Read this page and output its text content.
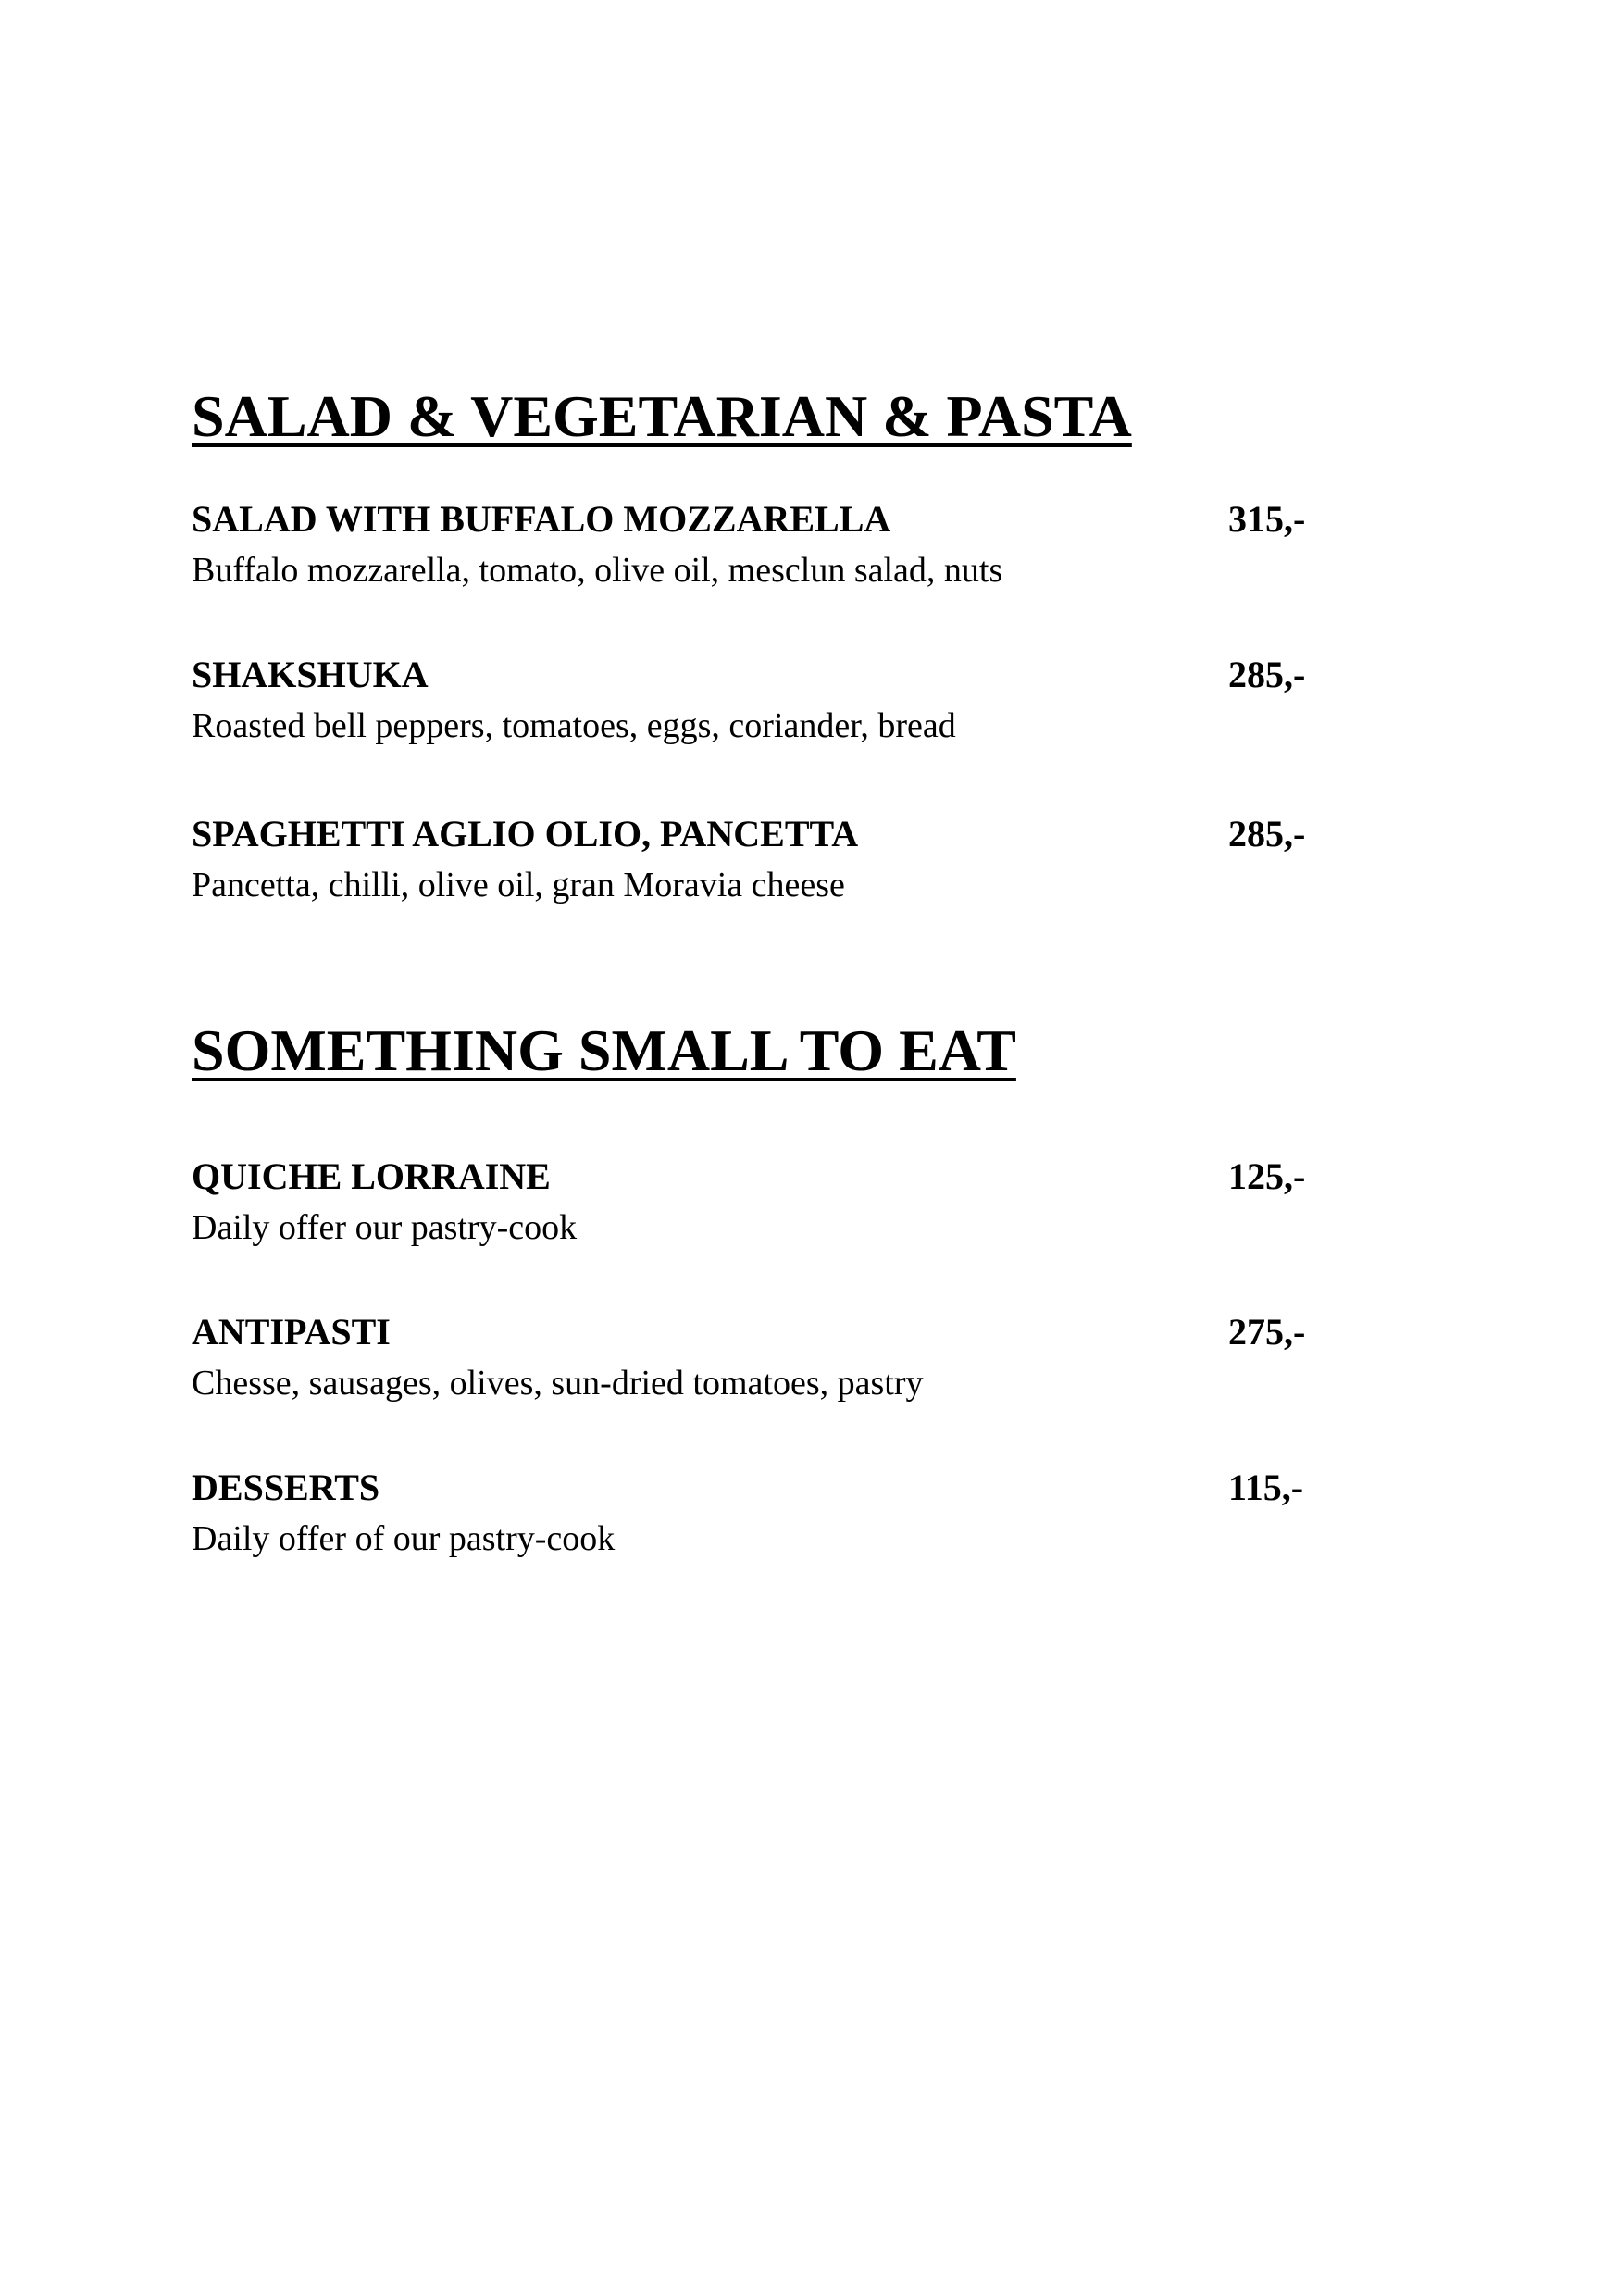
SALAD & VEGETARIAN & PASTA
SALAD WITH BUFFALO MOZZARELLA	315,-
Buffalo mozzarella, tomato, olive oil, mesclun salad, nuts
SHAKSHUKA	285,-
Roasted bell peppers, tomatoes, eggs, coriander, bread
SPAGHETTI AGLIO OLIO, PANCETTA	285,-
Pancetta, chilli, olive oil, gran Moravia cheese
SOMETHING SMALL TO EAT
QUICHE LORRAINE	125,-
Daily offer our pastry-cook
ANTIPASTI	275,-
Chesse, sausages, olives, sun-dried tomatoes, pastry
DESSERTS	115,-
Daily offer of our pastry-cook
